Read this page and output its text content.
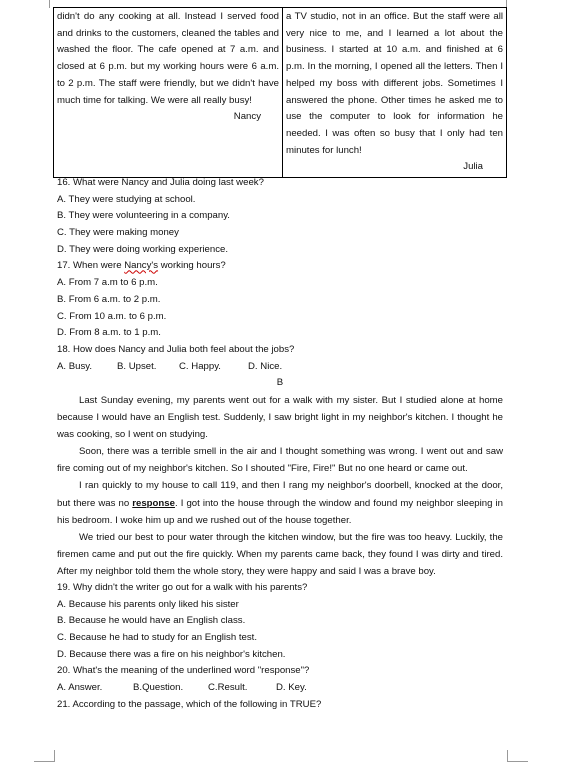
didn't do any cooking at all. Instead I served food and drinks to the customers, cleaned the tables and washed the floor. The cafe opened at 7 a.m. and closed at 6 p.m. but my working hours were 6 a.m. to 2 p.m. The staff were friendly, but we didn't have much time for talking. We were all really busy!
Nancy

a TV studio, not in an office. But the staff were all very nice to me, and I learned a lot about the business. I started at 10 a.m. and finished at 6 p.m. In the morning, I opened all the letters. Then I helped my boss with different jobs. Sometimes I answered the phone. Other times he asked me to use the computer to look for information he needed. I was often so busy that I only had ten minutes for lunch!
Julia
16. What were Nancy and Julia doing last week?
A. They were studying at school.
B. They were volunteering in a company.
C. They were making money
D. They were doing working experience.
17. When were Nancy's working hours?
A. From 7 a.m to 6 p.m.
B. From 6 a.m. to 2 p.m.
C. From 10 a.m. to 6 p.m.
D. From 8 a.m. to 1 p.m.
18. How does Nancy and Julia both feel about the jobs?
A. Busy.	B. Upset. C. Happy.	D. Nice.
B

Last Sunday evening, my parents went out for a walk with my sister. But I studied alone at home because I would have an English test. Suddenly, I saw bright light in my neighbor's kitchen. I thought he was cooking, so I went on studying.

Soon, there was a terrible smell in the air and I thought something was wrong. I went out and saw fire coming out of my neighbor's kitchen. So I shouted "Fire, Fire!" But no one heard or came out.

I ran quickly to my house to call 119, and then I rang my neighbor's doorbell, knocked at the door, but there was no response. I got into the house through the window and found my neighbor sleeping in his bedroom. I woke him up and we rushed out of the house together.

We tried our best to pour water through the kitchen window, but the fire was too heavy. Luckily, the firemen came and put out the fire quickly. When my parents came back, they found I was dirty and tired. After my neighbor told them the whole story, they were happy and said I was a brave boy.

19. Why didn't the writer go out for a walk with his parents?
A. Because his parents only liked his sister
B. Because he would have an English class.
C. Because he had to study for an English test.
D. Because there was a fire on his neighbor's kitchen.
20. What's the meaning of the underlined word "response"?
A. Answer.	B.Question.	C.Result.	D. Key.
21. According to the passage, which of the following in TRUE?
